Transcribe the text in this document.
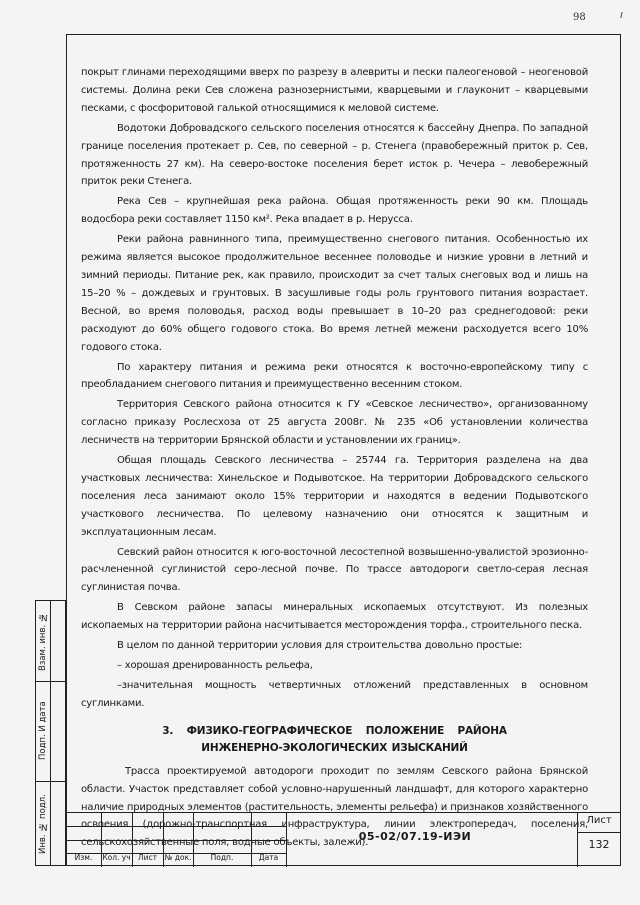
98	ı

покрыт глинами переходящими вверх по разрезу в алевриты и пески палеогеновой – неогеновой системы. Долина реки Сев сложена разнозернистыми, кварцевыми и глауконит – кварцевыми песками, с фосфоритовой галькой относящимися к меловой системе.

Водотоки Добровадского сельского поселения относятся к бассейну Днепра. По западной границе поселения протекает р. Сев, по северной – р. Стенега (правобережный приток р. Сев, протяженность 27 км). На северо-востоке поселения берет исток р. Чечера – левобережный приток реки Стенега.

Река Сев – крупнейшая река района. Общая протяженность реки 90 км. Площадь водосбора реки составляет 1150 км². Река впадает в р. Нерусса.

Реки района равнинного типа, преимущественно снегового питания. Особенностью их режима является высокое продолжительное весеннее половодье и низкие уровни в летний и зимний периоды. Питание рек, как правило, происходит за счет талых снеговых вод и лишь на 15–20 % – дождевых и грунтовых. В засушливые годы роль грунтового питания возрастает. Весной, во время половодья, расход воды превышает в 10–20 раз среднегодовой: реки расходуют до 60% общего годового стока. Во время летней межени расходуется всего 10% годового стока.

По характеру питания и режима реки относятся к восточно-европейскому типу с преобладанием снегового питания и преимущественно весенним стоком.

Территория Севского района относится к ГУ «Севское лесничество», организованному согласно приказу Рослесхоза от 25 августа 2008г. № 235 «Об установлении количества лесничеств на территории Брянской области и установлении их границ».

Общая площадь Севского лесничества – 25744 га. Территория разделена на два участковых лесничества: Хинельское и Подывотское. На территории Добровадского сельского поселения леса занимают около 15% территории и находятся в ведении Подывотского участкового лесничества. По целевому назначению они относятся к защитным и эксплуатационным лесам.

Севский район относится к юго-восточной лесостепной возвышенно-увалистой эрозионно-расчлененной суглинистой серо-лесной почве. По трассе автодороги светло-серая лесная суглинистая почва.

В Севском районе запасы минеральных ископаемых отсутствуют. Из полезных ископаемых на территории района насчитывается месторождения торфа., строительного песка.

В целом по данной территории условия для строительства довольно простые:

– хорошая дренированность рельефа,

–значительная мощность четвертичных отложений представленных в основном суглинками.

3. ФИЗИКО-ГЕОГРАФИЧЕСКОЕ ПОЛОЖЕНИЕ РАЙОНА
ИНЖЕНЕРНО-ЭКОЛОГИЧЕСКИХ ИЗЫСКАНИЙ

Трасса проектируемой автодороги проходит по землям Севского района Брянской области. Участок представляет собой условно-нарушенный ландшафт, для которого характерно наличие природных элементов (растительность, элементы рельефа) и признаков хозяйственного освоения (дорожно-транспортная инфраструктура, линии электропередач, поселения, сельскохозяйственные поля, водные объекты, залежи).

Взам. инв. №
Подп. И дата
Инв. № подл.
Изм.	Кол. уч Лист	№ док.	Подп.	Дата
05-02/07.19-ИЭИ
Лист
132
